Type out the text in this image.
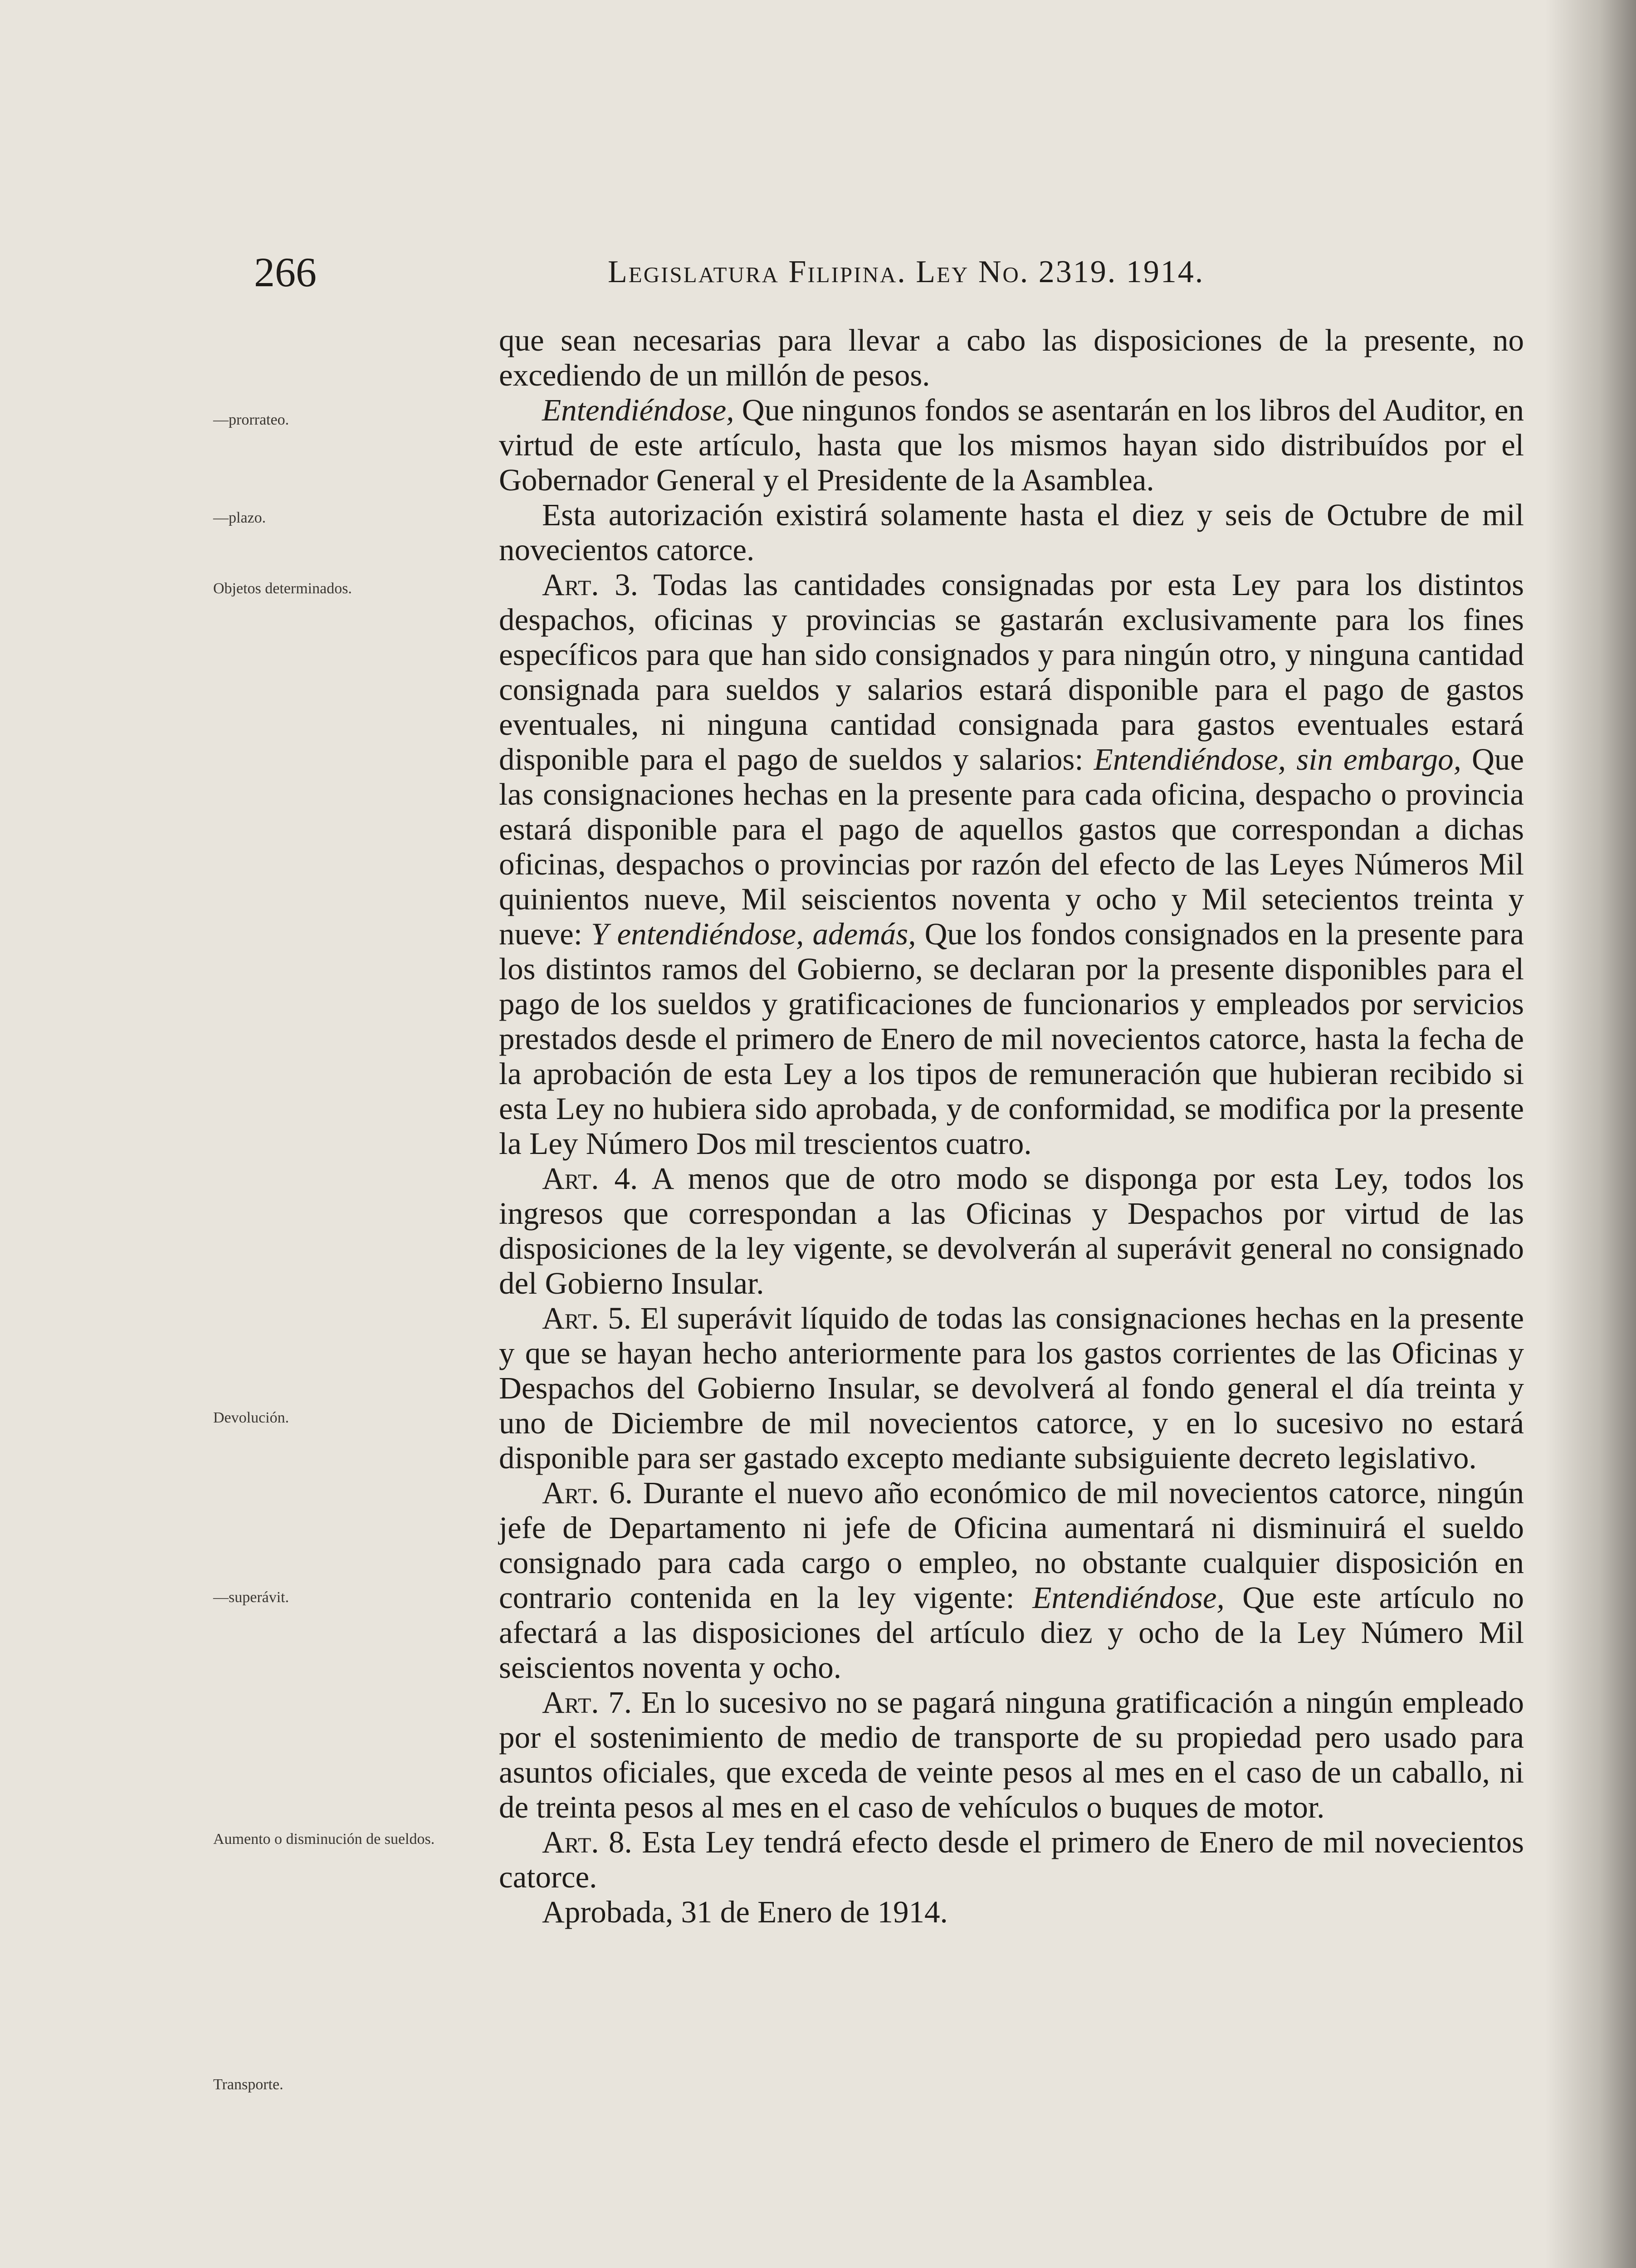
266	Legislatura Filipina. Ley No. 2319. 1914.
—prorrateo.
—plazo.
Objetos determinados.
Devolución.
—superávit.
Aumento o disminución de sueldos.
Transporte.

que sean necesarias para llevar a cabo las disposiciones de la presente, no excediendo de un millón de pesos.

Entendiéndose, Que ningunos fondos se asentarán en los libros del Auditor, en virtud de este artículo, hasta que los mismos hayan sido distribuídos por el Gobernador General y el Presidente de la Asamblea.

Esta autorización existirá solamente hasta el diez y seis de Octubre de mil novecientos catorce.

Art. 3. Todas las cantidades consignadas por esta Ley para los distintos despachos, oficinas y provincias se gastarán exclusivamente para los fines específicos para que han sido consignados y para ningún otro, y ninguna cantidad consignada para sueldos y salarios estará disponible para el pago de gastos eventuales, ni ninguna cantidad consignada para gastos eventuales estará disponible para el pago de sueldos y salarios: Entendiéndose, sin embargo, Que las consignaciones hechas en la presente para cada oficina, despacho o provincia estará disponible para el pago de aquellos gastos que correspondan a dichas oficinas, despachos o provincias por razón del efecto de las Leyes Números Mil quinientos nueve, Mil seiscientos noventa y ocho y Mil setecientos treinta y nueve: Y entendiéndose, además, Que los fondos consignados en la presente para los distintos ramos del Gobierno, se declaran por la presente disponibles para el pago de los sueldos y gratificaciones de funcionarios y empleados por servicios prestados desde el primero de Enero de mil novecientos catorce, hasta la fecha de la aprobación de esta Ley a los tipos de remuneración que hubieran recibido si esta Ley no hubiera sido aprobada, y de conformidad, se modifica por la presente la Ley Número Dos mil trescientos cuatro.

Art. 4. A menos que de otro modo se disponga por esta Ley, todos los ingresos que correspondan a las Oficinas y Despachos por virtud de las disposiciones de la ley vigente, se devolverán al superávit general no consignado del Gobierno Insular.

Art. 5. El superávit líquido de todas las consignaciones hechas en la presente y que se hayan hecho anteriormente para los gastos corrientes de las Oficinas y Despachos del Gobierno Insular, se devolverá al fondo general el día treinta y uno de Diciembre de mil novecientos catorce, y en lo sucesivo no estará disponible para ser gastado excepto mediante subsiguiente decreto legislativo.

Art. 6. Durante el nuevo año económico de mil novecientos catorce, ningún jefe de Departamento ni jefe de Oficina aumentará ni disminuirá el sueldo consignado para cada cargo o empleo, no obstante cualquier disposición en contrario contenida en la ley vigente: Entendiéndose, Que este artículo no afectará a las disposiciones del artículo diez y ocho de la Ley Número Mil seiscientos noventa y ocho.

Art. 7. En lo sucesivo no se pagará ninguna gratificación a ningún empleado por el sostenimiento de medio de transporte de su propiedad pero usado para asuntos oficiales, que exceda de veinte pesos al mes en el caso de un caballo, ni de treinta pesos al mes en el caso de vehículos o buques de motor.

Art. 8. Esta Ley tendrá efecto desde el primero de Enero de mil novecientos catorce.

Aprobada, 31 de Enero de 1914.
